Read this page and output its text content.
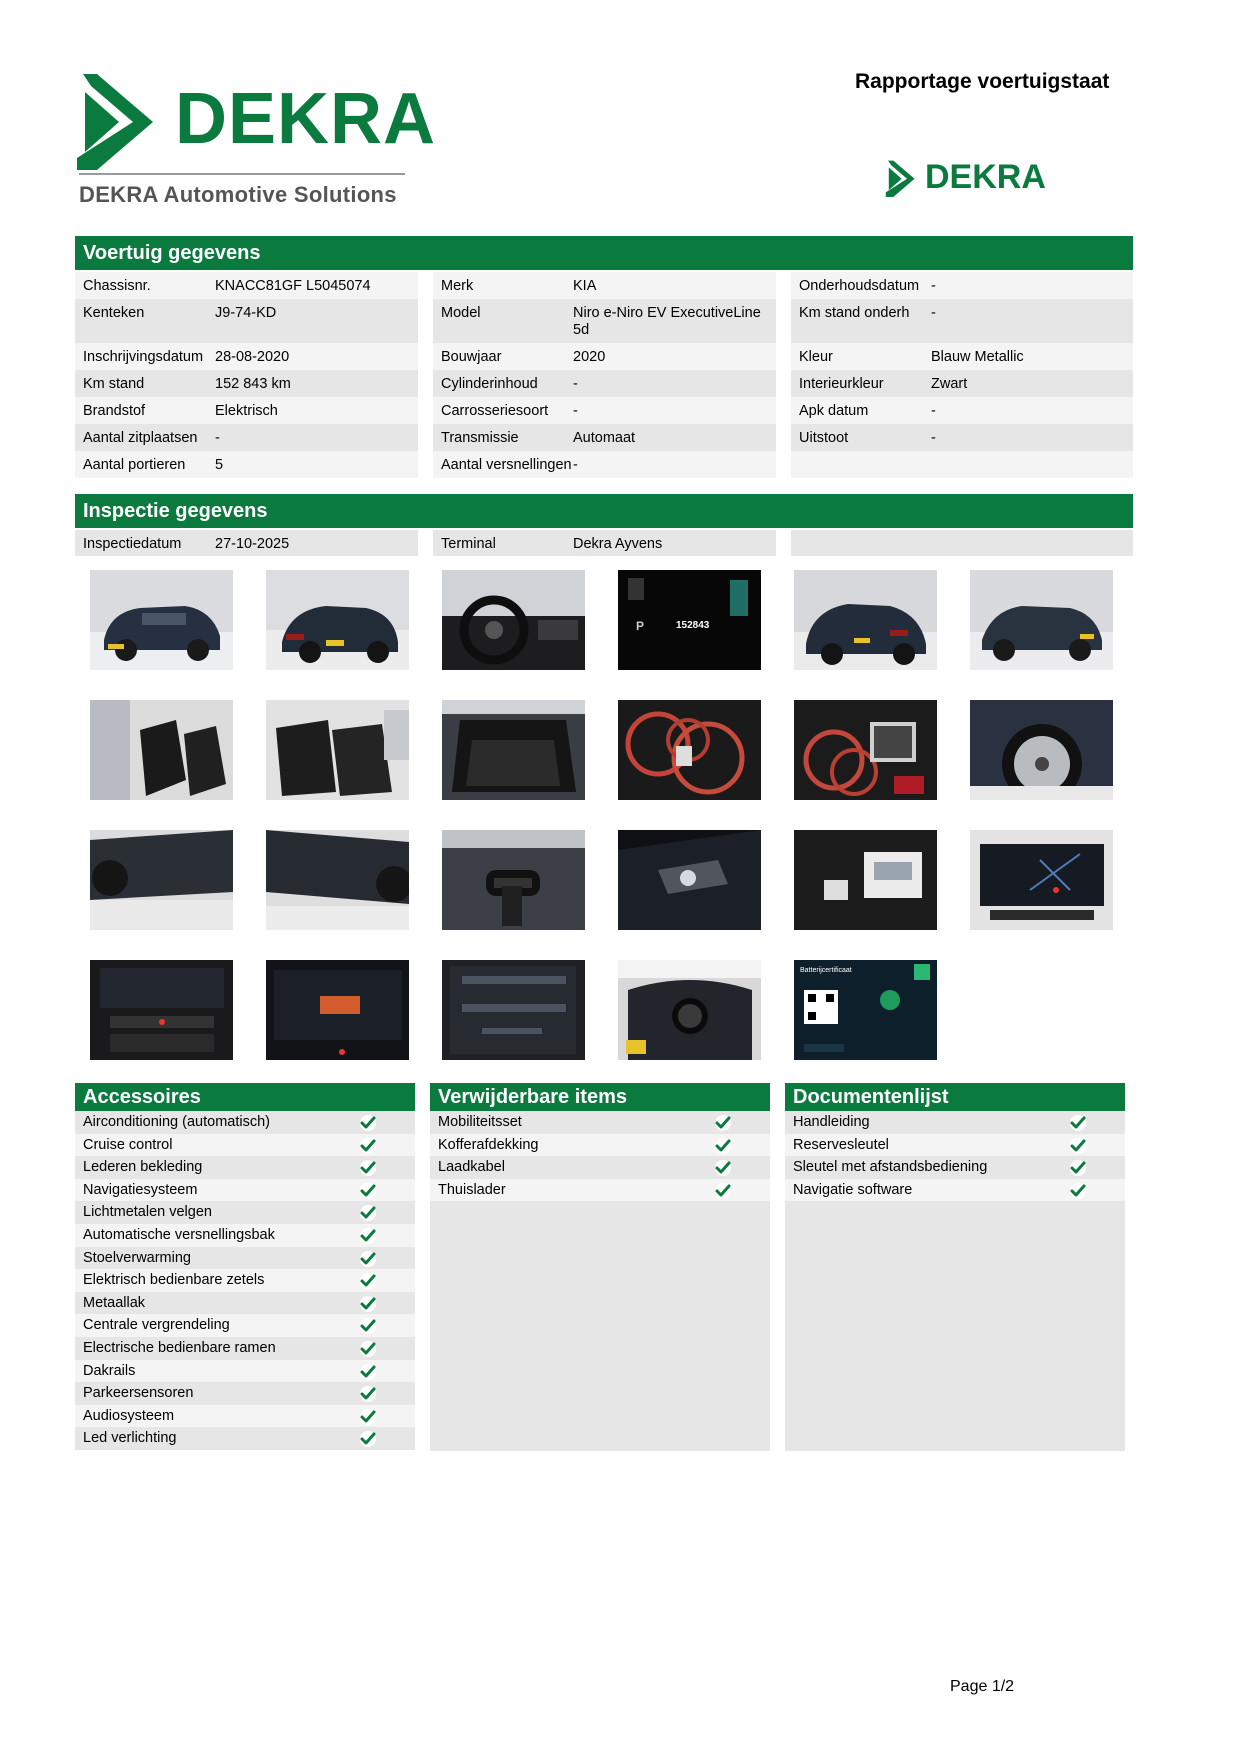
DEKRA
DEKRA Automotive Solutions
Rapportage voertuigstaat
DEKRA
Voertuig gegevens
Chassisnr.	KNACC81GF L5045074
Kenteken	J9-74-KD
Inschrijvingsdatum 28-08-2020
Km stand	152 843 km
Brandstof	Elektrisch
Aantal zitplaatsen -
Aantal portieren 5
Merk	KIA
Model	Niro e-Niro EV ExecutiveLine 5d
Bouwjaar	2020
Cylinderinhoud -
Carrosseriesoort -
Transmissie	Automaat
Aantal versnellingen -
Onderhoudsdatum -
Km stand onderh -
Kleur	Blauw Metallic
Interieurkleur	Zwart
Apk datum	-
Uitstoot	-
Inspectie gegevens
Inspectiedatum 27-10-2025	Terminal	Dekra Ayvens
152843
P
Batterijcertificaat
Accessoires	Verwijderbare items	Documentenlijst
Airconditioning (automatisch)
Cruise control
Lederen bekleding
Navigatiesysteem
Lichtmetalen velgen
Automatische versnellingsbak
Stoelverwarming
Elektrisch bedienbare zetels
Metaallak
Centrale vergrendeling
Electrische bedienbare ramen
Dakrails
Parkeersensoren
Audiosysteem
Led verlichting
Mobiliteitsset
Kofferafdekking
Laadkabel
Thuislader
Handleiding
Reservesleutel
Sleutel met afstandsbediening
Navigatie software
Page 1/2
